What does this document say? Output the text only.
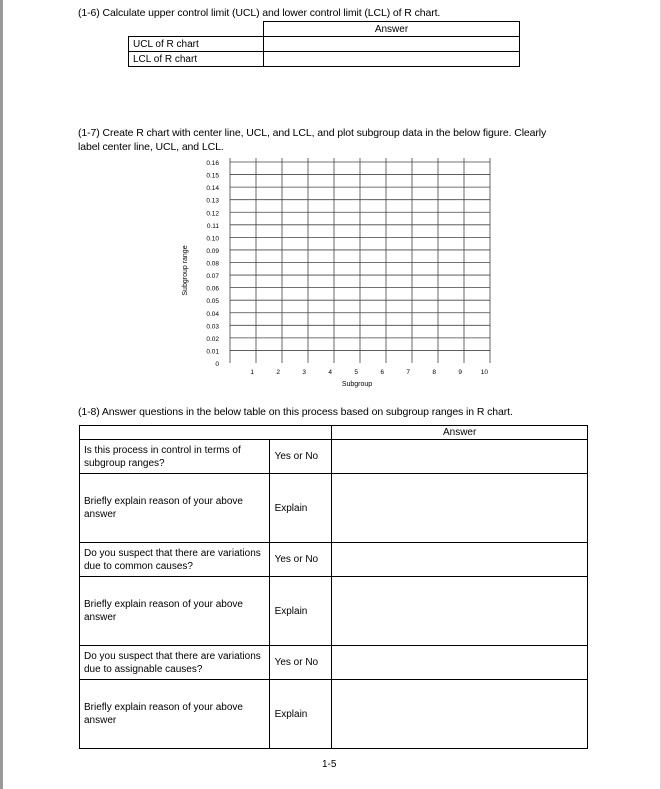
(1-6) Calculate upper control limit (UCL) and lower control limit (LCL) of R chart.
	Answer
UCL of R chart	
LCL of R chart	
(1-7) Create R chart with center line, UCL, and LCL, and plot subgroup data in the below figure. Clearly
label center line, UCL, and LCL.
0
0.01
0.02
0.03
0.04
0.05
0.06
0.07
0.08
0.09
0.10
0.11
0.12
0.13
0.14
0.15
0.16
1	2	3	4	5	6	7	8	9	10
Subgroup
Subgroup range
(1-8) Answer questions in the below table on this process based on subgroup ranges in R chart.
		Answer
Is this process in control in terms of subgroup ranges?	Yes or No	
Briefly explain reason of your above answer	Explain	
Do you suspect that there are variations due to common causes?	Yes or No	
Briefly explain reason of your above answer	Explain	
Do you suspect that there are variations due to assignable causes?	Yes or No	
Briefly explain reason of your above answer	Explain	
1-5
